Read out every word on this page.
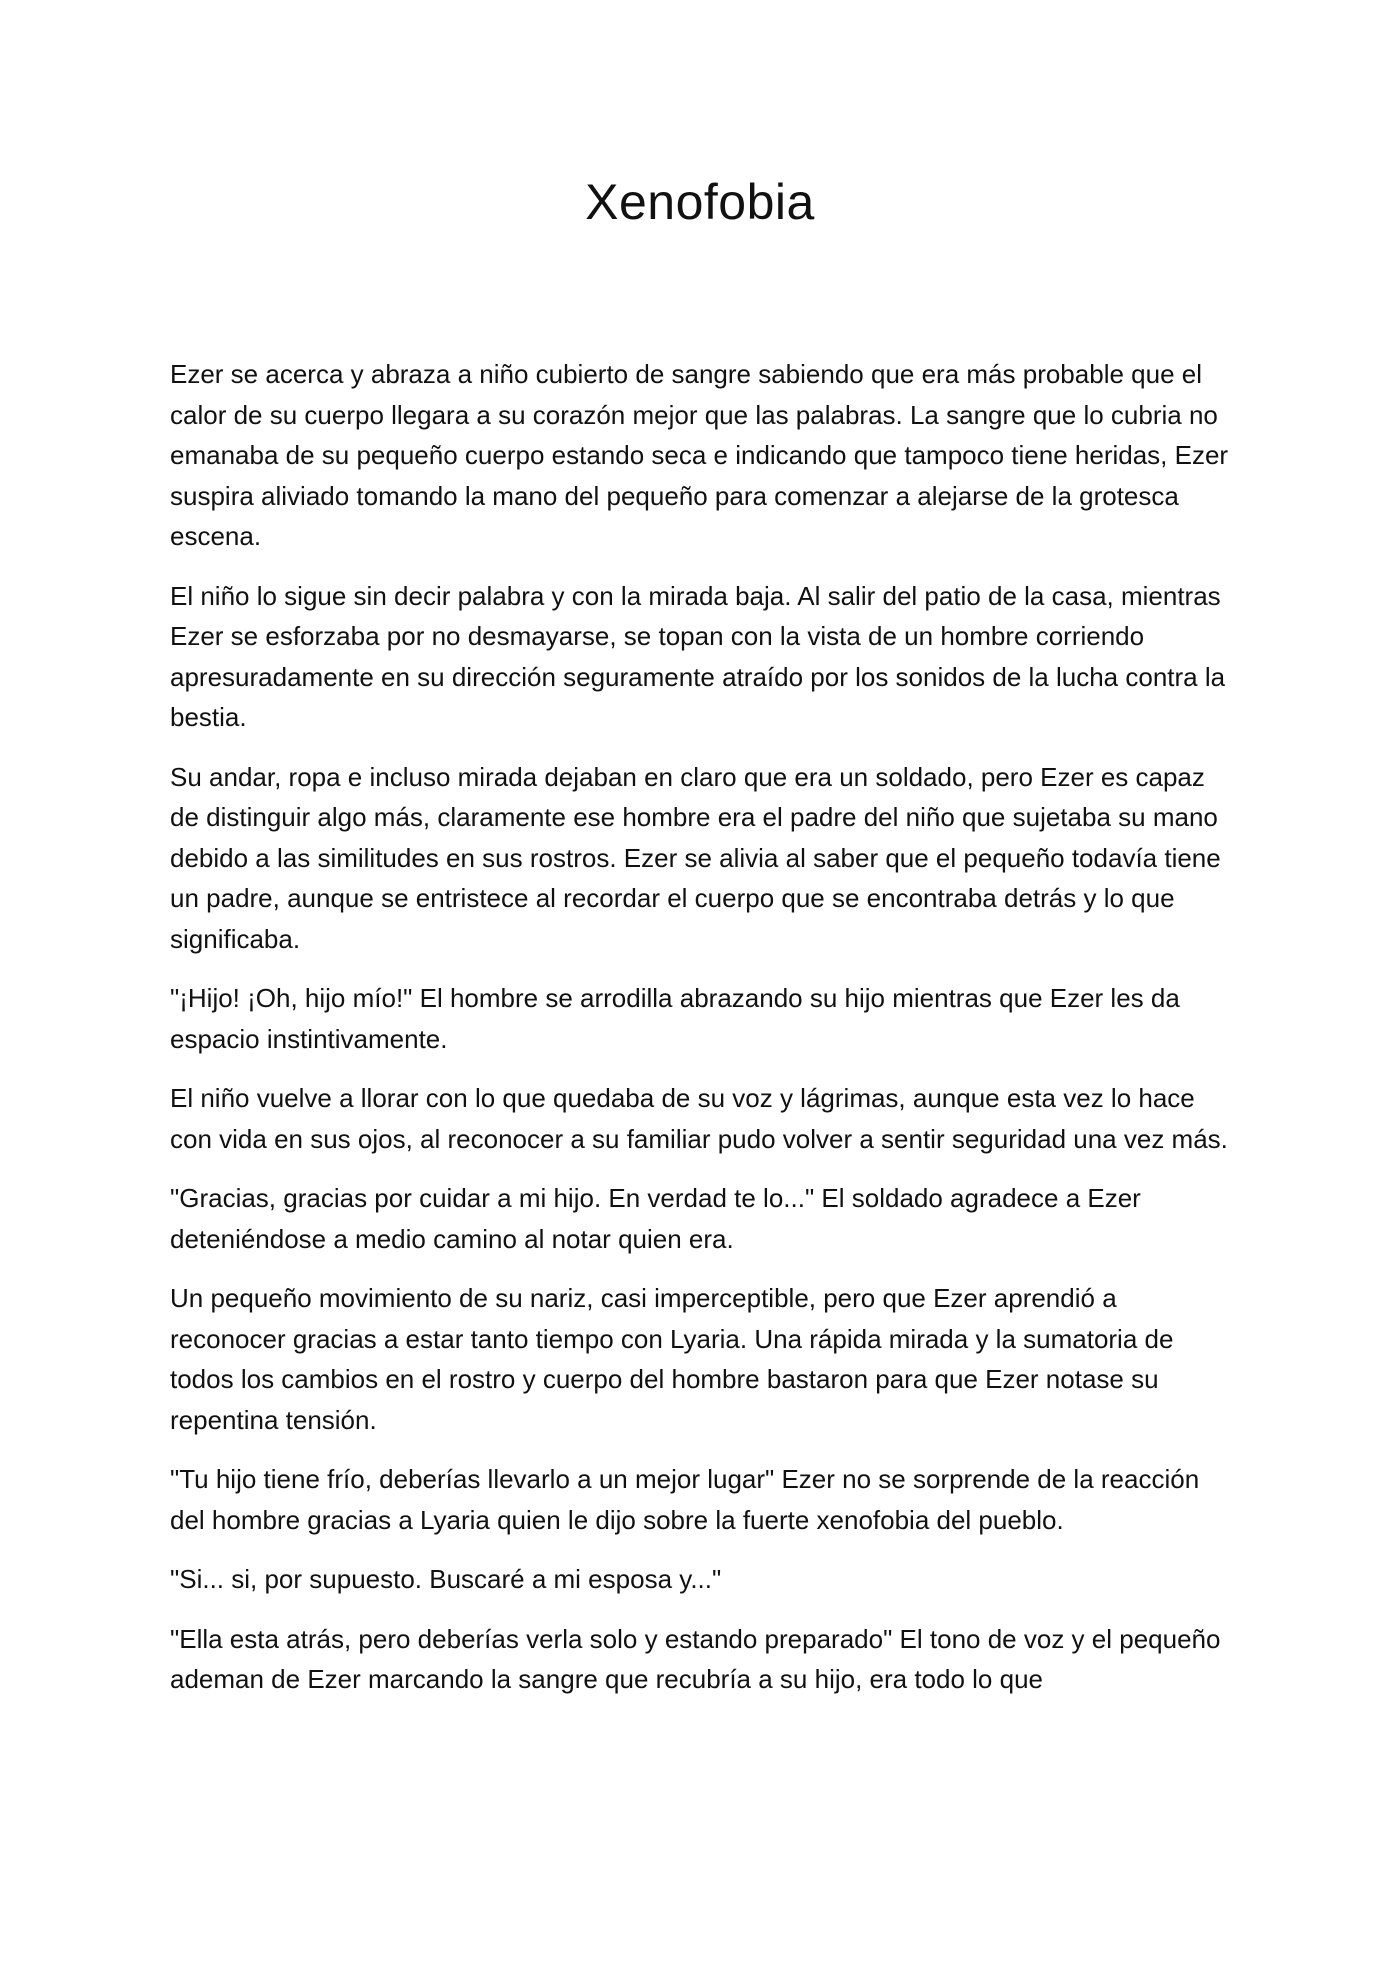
Xenofobia

Ezer se acerca y abraza a niño cubierto de sangre sabiendo que era más probable que el calor de su cuerpo llegara a su corazón mejor que las palabras. La sangre que lo cubria no emanaba de su pequeño cuerpo estando seca e indicando que tampoco tiene heridas, Ezer suspira aliviado tomando la mano del pequeño para comenzar a alejarse de la grotesca escena.

El niño lo sigue sin decir palabra y con la mirada baja. Al salir del patio de la casa, mientras Ezer se esforzaba por no desmayarse, se topan con la vista de un hombre corriendo apresuradamente en su dirección seguramente atraído por los sonidos de la lucha contra la bestia.

Su andar, ropa e incluso mirada dejaban en claro que era un soldado, pero Ezer es capaz de distinguir algo más, claramente ese hombre era el padre del niño que sujetaba su mano debido a las similitudes en sus rostros. Ezer se alivia al saber que el pequeño todavía tiene un padre, aunque se entristece al recordar el cuerpo que se encontraba detrás y lo que significaba.

"¡Hijo! ¡Oh, hijo mío!" El hombre se arrodilla abrazando su hijo mientras que Ezer les da espacio instintivamente.

El niño vuelve a llorar con lo que quedaba de su voz y lágrimas, aunque esta vez lo hace con vida en sus ojos, al reconocer a su familiar pudo volver a sentir seguridad una vez más.

"Gracias, gracias por cuidar a mi hijo. En verdad te lo..." El soldado agradece a Ezer deteniéndose a medio camino al notar quien era.

Un pequeño movimiento de su nariz, casi imperceptible, pero que Ezer aprendió a reconocer gracias a estar tanto tiempo con Lyaria. Una rápida mirada y la sumatoria de todos los cambios en el rostro y cuerpo del hombre bastaron para que Ezer notase su repentina tensión.

"Tu hijo tiene frío, deberías llevarlo a un mejor lugar" Ezer no se sorprende de la reacción del hombre gracias a Lyaria quien le dijo sobre la fuerte xenofobia del pueblo.

"Si... si, por supuesto. Buscaré a mi esposa y..."

"Ella esta atrás, pero deberías verla solo y estando preparado" El tono de voz y el pequeño ademan de Ezer marcando la sangre que recubría a su hijo, era todo lo que
